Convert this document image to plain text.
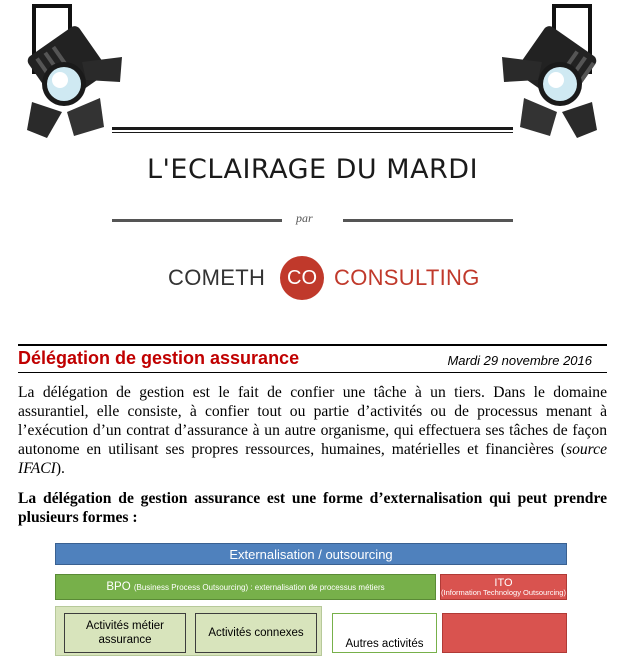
L'ECLAIRAGE DU MARDI
par
COMETH CO CONSULTING
Délégation de gestion assurance	Mardi 29 novembre 2016
La délégation de gestion est le fait de confier une tâche à un tiers. Dans le domaine assurantiel, elle consiste, à confier tout ou partie d’activités ou de processus menant à l’exécution d’un contrat d’assurance à un autre organisme, qui effectuera ses tâches de façon autonome en utilisant ses propres ressources, humaines, matérielles et financières (source IFACI).
La délégation de gestion assurance est une forme d’externalisation qui peut prendre plusieurs formes :
Externalisation / outsourcing
BPO
(Business Process Outsourcing) : externalisation de processus métiers	ITO
(Information Technology Outsourcing)
Activités métier
assurance
Activités connexes
Autres activités
